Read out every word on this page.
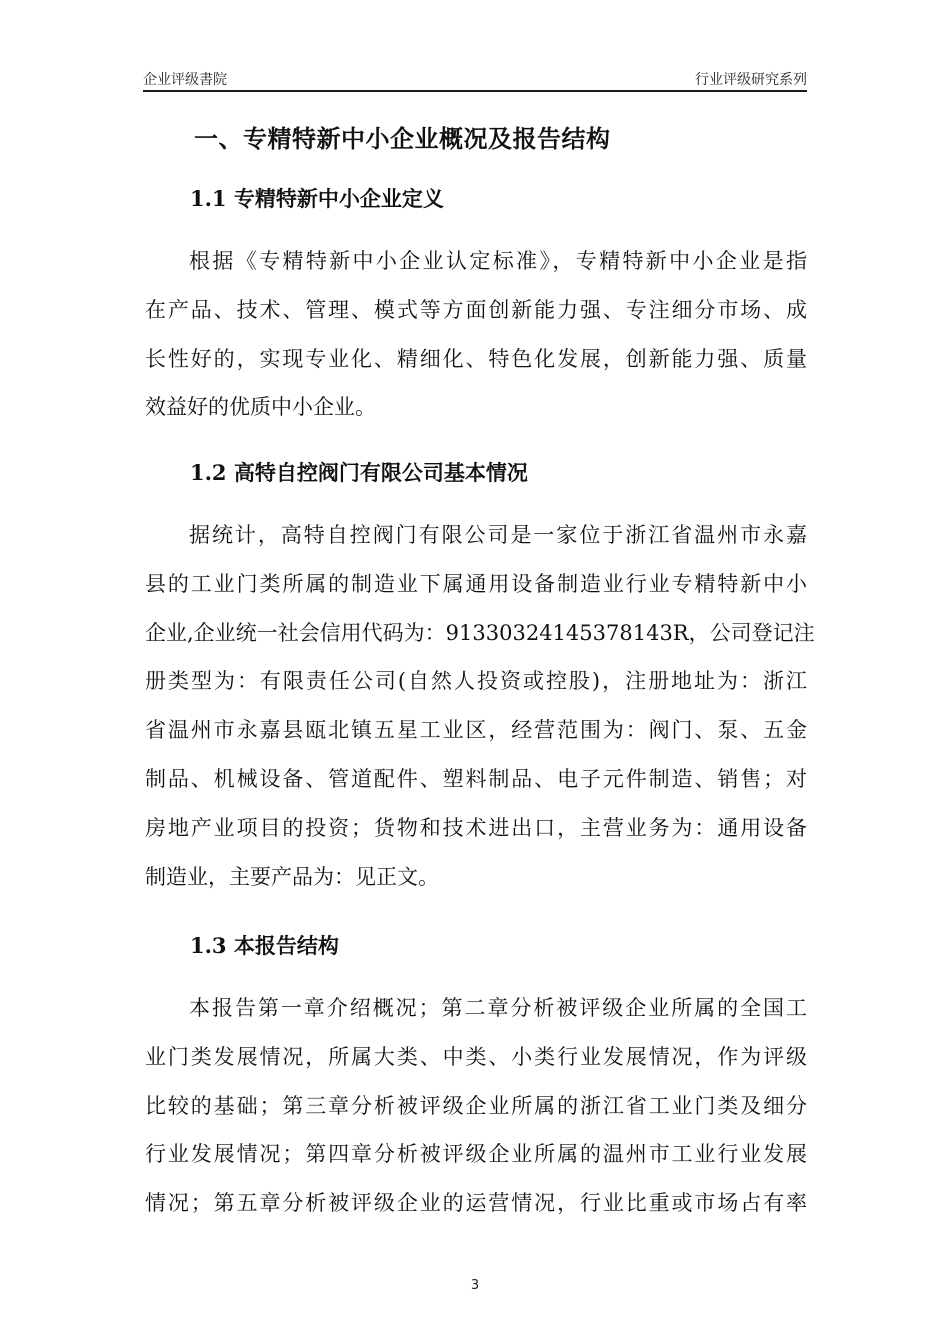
企业评级書院	行业评级研究系列
一、专精特新中小企业概况及报告结构
1.1 专精特新中小企业定义
根据《专精特新中小企业认定标准》，专精特新中小企业是指
在产品、技术、管理、模式等方面创新能力强、专注细分市场、成
长性好的，实现专业化、精细化、特色化发展，创新能力强、质量
效益好的优质中小企业。
1.2 高特自控阀门有限公司基本情况
据统计，高特自控阀门有限公司是一家位于浙江省温州市永嘉
县的工业门类所属的制造业下属通用设备制造业行业专精特新中小
企业,企业统一社会信用代码为：91330324145378143R，公司登记注
册类型为：有限责任公司(自然人投资或控股)，注册地址为：浙江
省温州市永嘉县瓯北镇五星工业区，经营范围为：阀门、泵、五金
制品、机械设备、管道配件、塑料制品、电子元件制造、销售；对
房地产业项目的投资；货物和技术进出口，主营业务为：通用设备
制造业，主要产品为：见正文。
1.3 本报告结构
本报告第一章介绍概况；第二章分析被评级企业所属的全国工
业门类发展情况，所属大类、中类、小类行业发展情况，作为评级
比较的基础；第三章分析被评级企业所属的浙江省工业门类及细分
行业发展情况；第四章分析被评级企业所属的温州市工业行业发展
情况；第五章分析被评级企业的运营情况，行业比重或市场占有率
3
